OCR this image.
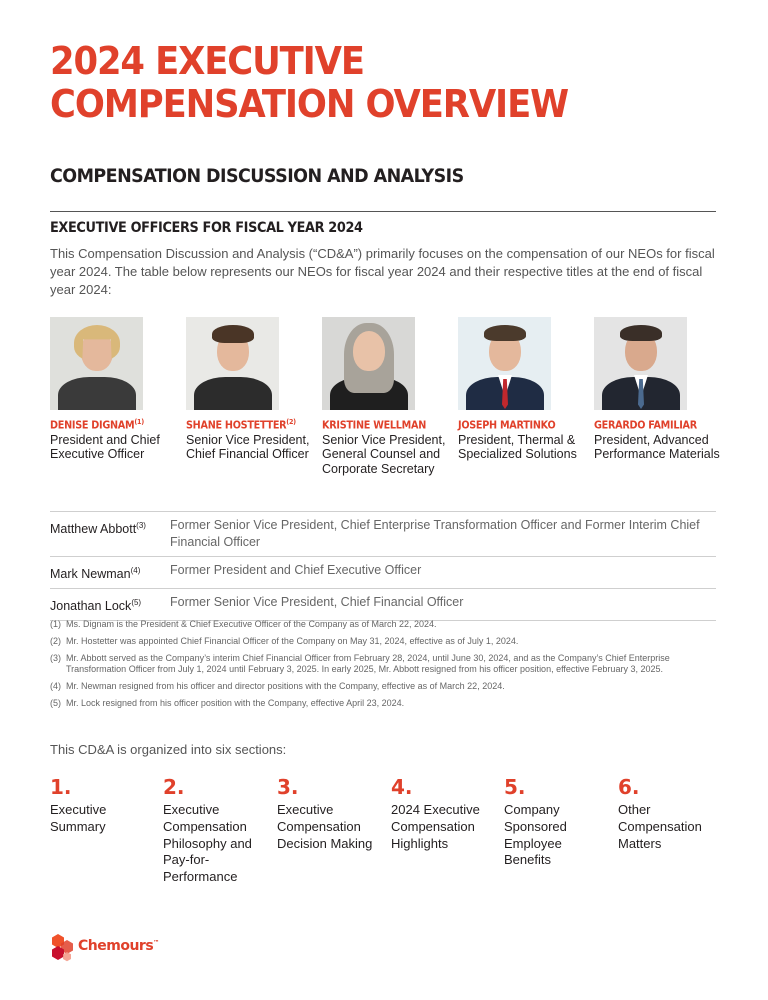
2024 EXECUTIVE COMPENSATION OVERVIEW
COMPENSATION DISCUSSION AND ANALYSIS
EXECUTIVE OFFICERS FOR FISCAL YEAR 2024

This Compensation Discussion and Analysis (“CD&A”) primarily focuses on the compensation of our NEOs for fiscal year 2024. The table below represents our NEOs for fiscal year 2024 and their respective titles at the end of fiscal year 2024:

DENISE DIGNAM$^{(1)}$
President and Chief Executive Officer
SHANE HOSTETTER$^{(2)}$
Senior Vice President, Chief Financial Officer
KRISTINE WELLMAN
Senior Vice President, General Counsel and Corporate Secretary
JOSEPH MARTINKO
President, Thermal & Specialized Solutions
GERARDO FAMILIAR
President, Advanced Performance Materials
Matthew Abbott$^{(3)}$	Former Senior Vice President, Chief Enterprise Transformation Officer and Former Interim Chief Financial Officer
Mark Newman$^{(4)}$	Former President and Chief Executive Officer
Jonathan Lock$^{(5)}$	Former Senior Vice President, Chief Financial Officer
(1) Ms. Dignam is the President & Chief Executive Officer of the Company as of March 22, 2024.
(2) Mr. Hostetter was appointed Chief Financial Officer of the Company on May 31, 2024, effective as of July 1, 2024.
(3) Mr. Abbott served as the Company’s interim Chief Financial Officer from February 28, 2024, until June 30, 2024, and as the Company’s Chief Enterprise Transformation Officer from July 1, 2024 until February 3, 2025. In early 2025, Mr. Abbott resigned from his officer position, effective February 3, 2025.
(4) Mr. Newman resigned from his officer and director positions with the Company, effective as of March 22, 2024.
(5) Mr. Lock resigned from his officer position with the Company, effective April 23, 2024.

This CD&A is organized into six sections:

1.
Executive Summary
2.
Executive Compensation Philosophy and Pay-for-Performance
3.
Executive Compensation Decision Making
4.
2024 Executive Compensation Highlights
5.
Company Sponsored Employee Benefits
6.
Other Compensation Matters
Chemours™
